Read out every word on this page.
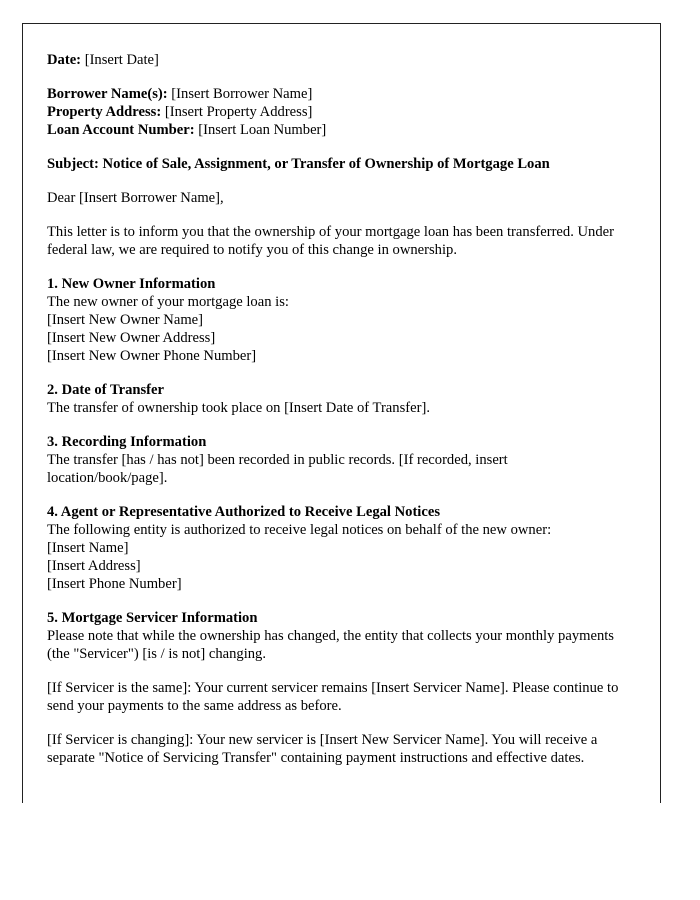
Date: [Insert Date]
Borrower Name(s): [Insert Borrower Name]
Property Address: [Insert Property Address]
Loan Account Number: [Insert Loan Number]
Subject: Notice of Sale, Assignment, or Transfer of Ownership of Mortgage Loan
Dear [Insert Borrower Name],

This letter is to inform you that the ownership of your mortgage loan has been transferred. Under federal law, we are required to notify you of this change in ownership.

1. New Owner Information
The new owner of your mortgage loan is:
[Insert New Owner Name]
[Insert New Owner Address]
[Insert New Owner Phone Number]
2. Date of Transfer
The transfer of ownership took place on [Insert Date of Transfer].
3. Recording Information
The transfer [has / has not] been recorded in public records. [If recorded, insert location/book/page].
4. Agent or Representative Authorized to Receive Legal Notices
The following entity is authorized to receive legal notices on behalf of the new owner:
[Insert Name]
[Insert Address]
[Insert Phone Number]
5. Mortgage Servicer Information
Please note that while the ownership has changed, the entity that collects your monthly payments (the "Servicer") [is / is not] changing.

[If Servicer is the same]: Your current servicer remains [Insert Servicer Name]. Please continue to send your payments to the same address as before.

[If Servicer is changing]: Your new servicer is [Insert New Servicer Name]. You will receive a separate "Notice of Servicing Transfer" containing payment instructions and effective dates.
